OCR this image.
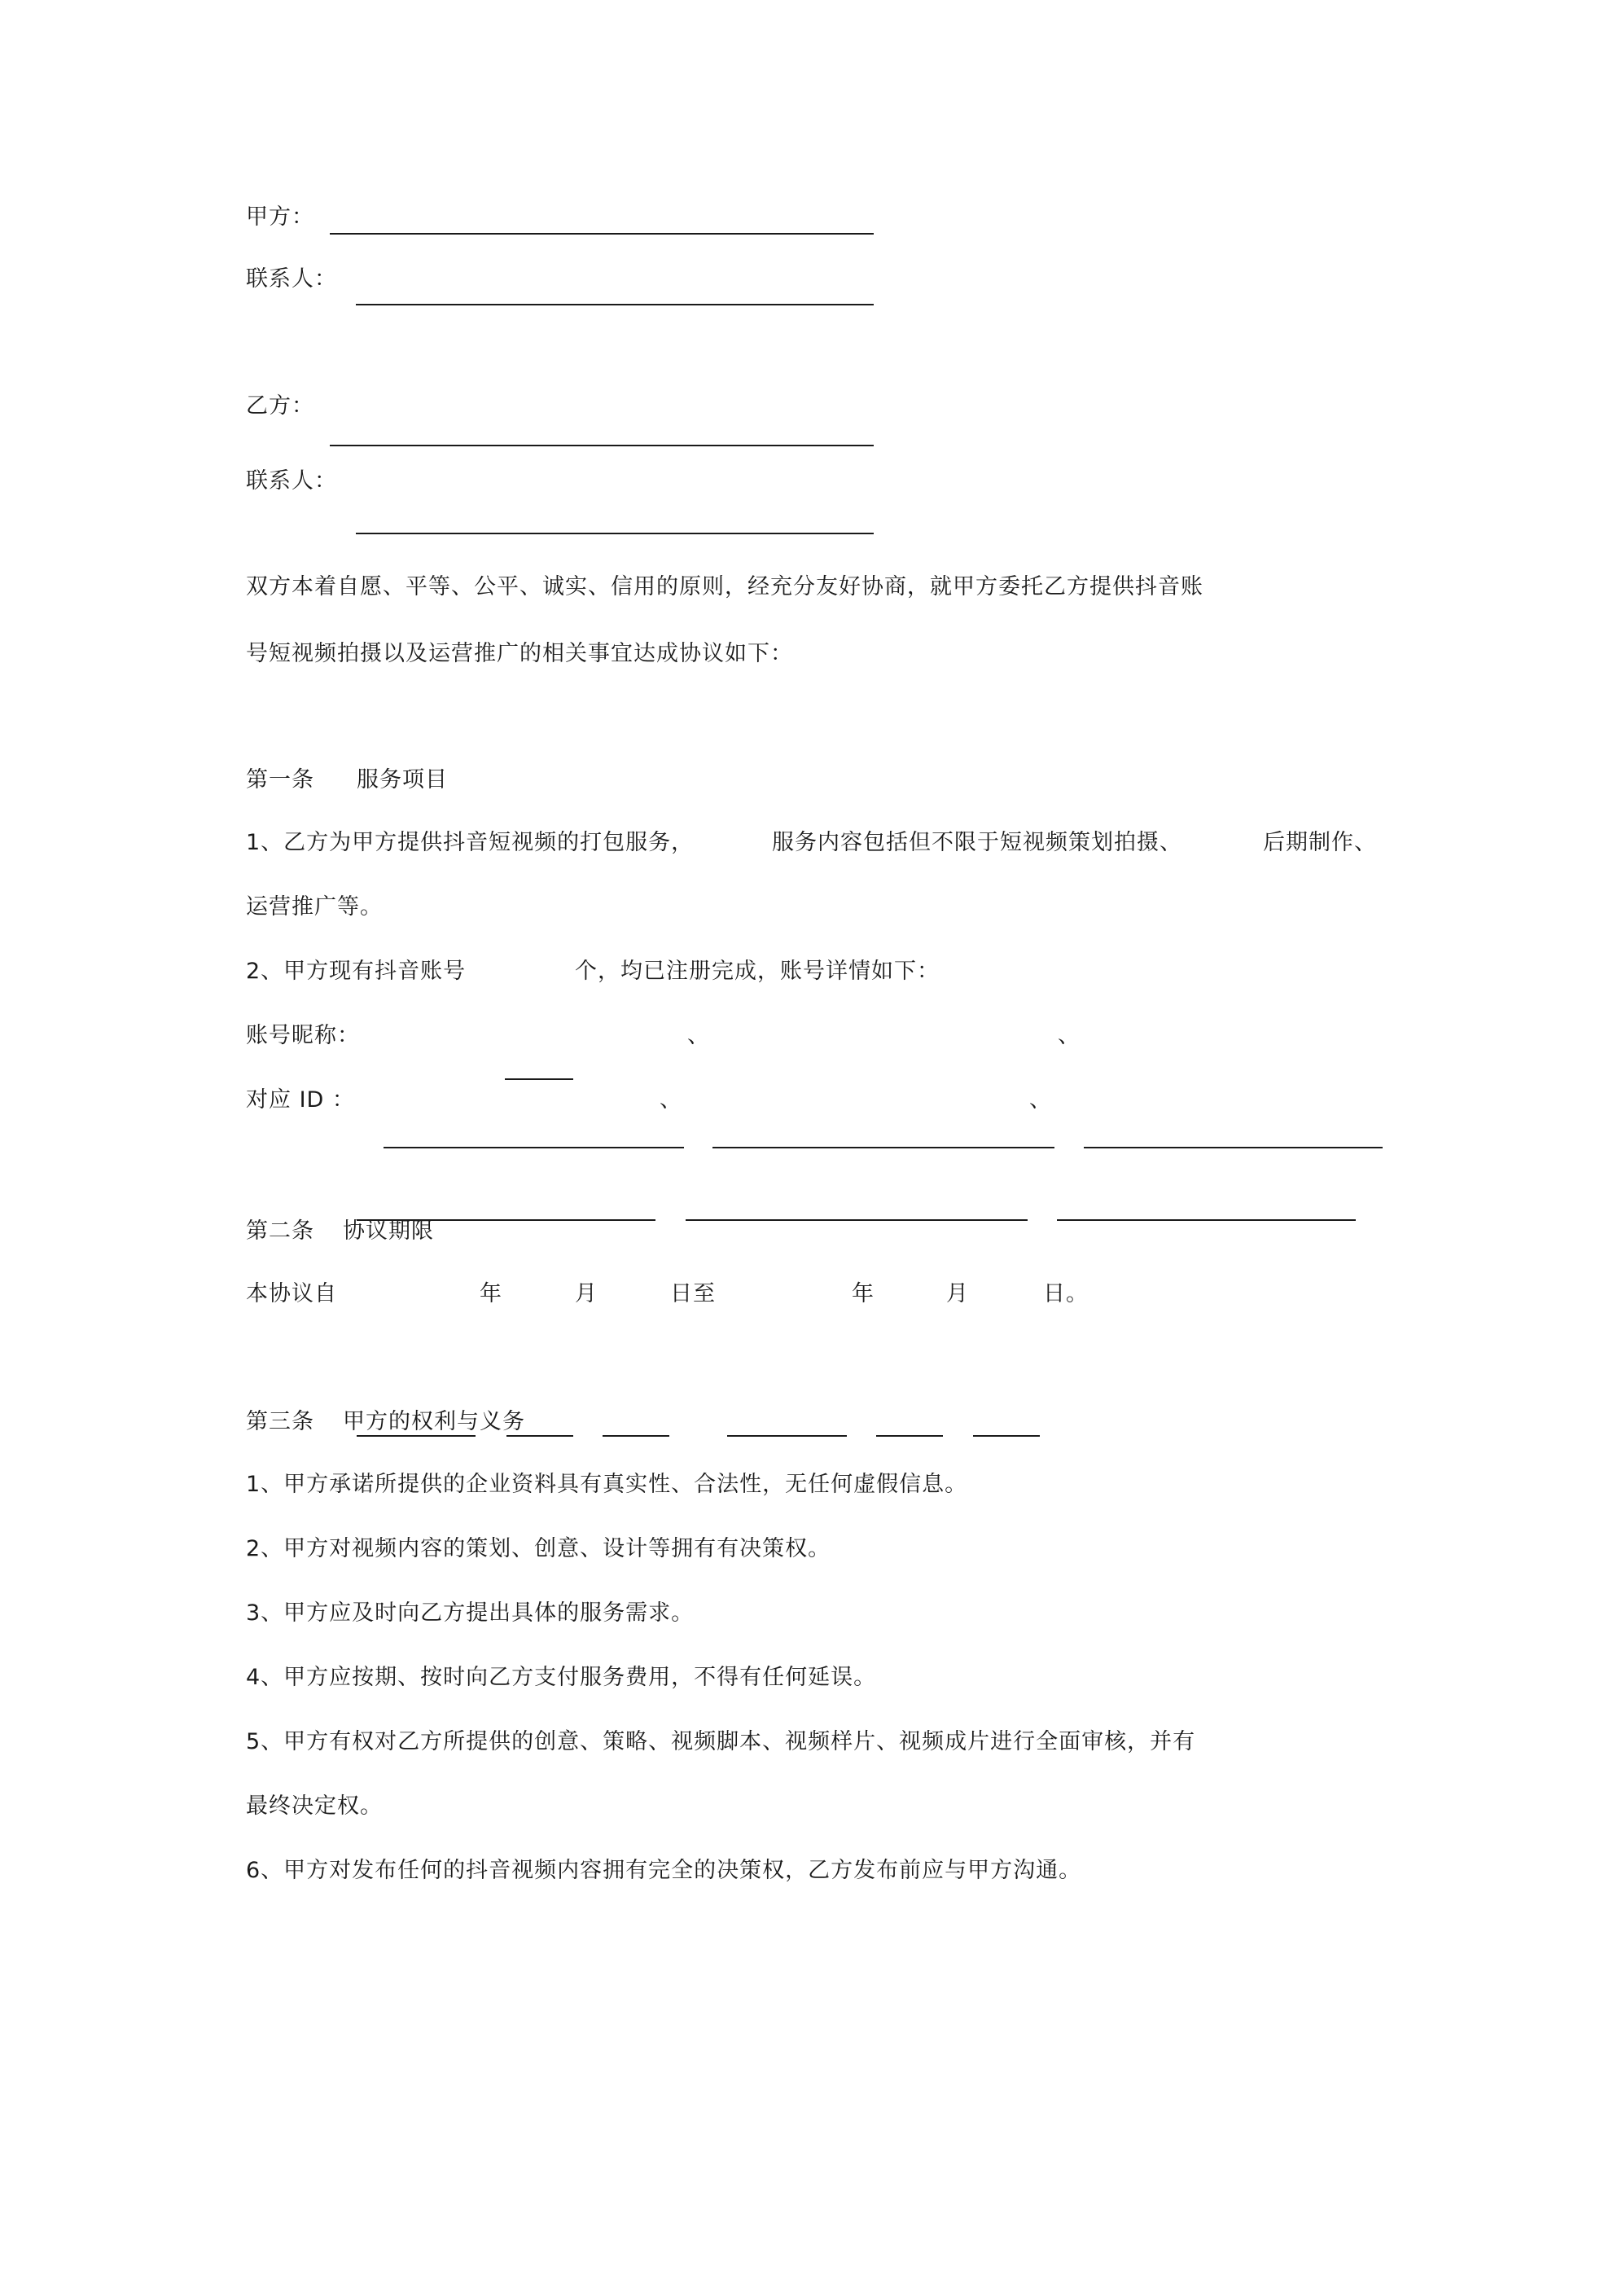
甲方：
联系人：
乙方：
联系人：
双方本着自愿、平等、公平、诚实、信用的原则，经充分友好协商，就甲方委托乙方提供抖音账
号短视频拍摄以及运营推广的相关事宜达成协议如下：
第一条 服务项目
1、乙方为甲方提供抖音短视频的打包服务，	服务内容包括但不限于短视频策划拍摄、	后期制作、
运营推广等。
2、甲方现有抖音账号	个，均已注册完成，账号详情如下：
账号昵称：	、	、
对应 ID ：	、	、
第二条 协议期限
本协议自	年	月	日至	年	月	日。
第三条 甲方的权利与义务
1、甲方承诺所提供的企业资料具有真实性、合法性，无任何虚假信息。
2、甲方对视频内容的策划、创意、设计等拥有有决策权。
3、甲方应及时向乙方提出具体的服务需求。
4、甲方应按期、按时向乙方支付服务费用，不得有任何延误。
5、甲方有权对乙方所提供的创意、策略、视频脚本、视频样片、视频成片进行全面审核，并有
最终决定权。
6、甲方对发布任何的抖音视频内容拥有完全的决策权，乙方发布前应与甲方沟通。
